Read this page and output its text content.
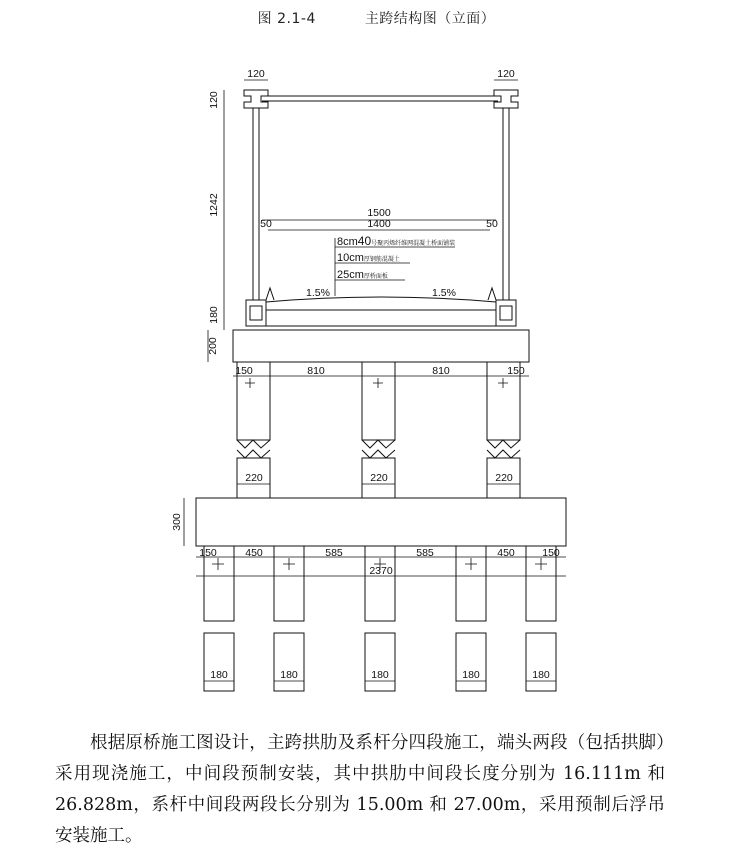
图 2.1-4	主跨结构图（立面）
120	120
120
1242
180
200
300
1500
1400
50	50
1.5%	1.5%
150	810	810	150
220	220	220
150	450	585	585	450	150
2370
180	180	180	180	180
8cm40号聚丙烯纤维网混凝土桥面铺装
10cm厚钢筋混凝土
25cm厚桥面板

根据原桥施工图设计，主跨拱肋及系杆分四段施工，端头两段（包括拱脚）采用现浇施工，中间段预制安装，其中拱肋中间段长度分别为 16.111m 和 26.828m，系杆中间段两段长分别为 15.00m 和 27.00m，采用预制后浮吊安装施工。
